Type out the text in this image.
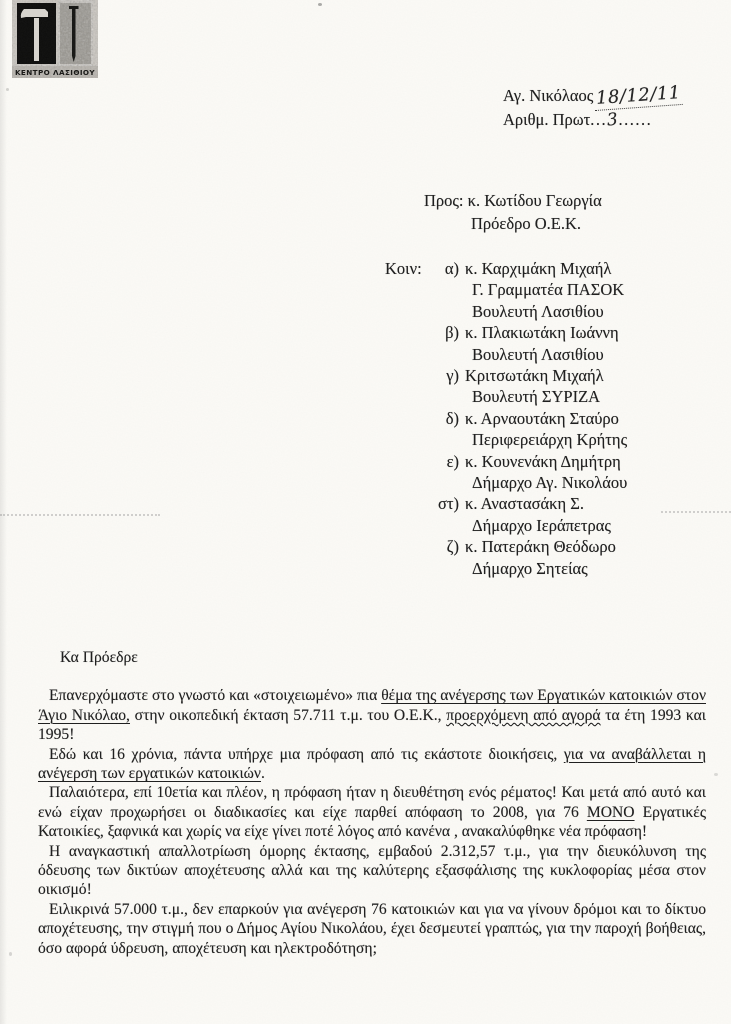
ΚΕΝΤΡΟ ΛΑΣΙΘΙΟΥ
Αγ. Νικόλαος 18/12/11
Αριθμ. Πρωτ...3......
Προς: κ. Κωτίδου Γεωργία
Πρόεδρο Ο.Ε.Κ.
Κοιν:	α) κ. Καρχιμάκη Μιχαήλ
Γ. Γραμματέα ΠΑΣΟΚ
Βουλευτή Λασιθίου
β) κ. Πλακιωτάκη Ιωάννη
Βουλευτή Λασιθίου
γ) Κριτσωτάκη Μιχαήλ
Βουλευτή ΣΥΡΙΖΑ
δ) κ. Αρναουτάκη Σταύρο
Περιφερειάρχη Κρήτης
ε) κ. Κουνενάκη Δημήτρη
Δήμαρχο Αγ. Νικολάου
στ) κ. Αναστασάκη Σ.
Δήμαρχο Ιεράπετρας
ζ) κ. Πατεράκη Θεόδωρο
Δήμαρχο Σητείας
Κα Πρόεδρε

Επανερχόμαστε στο γνωστό και «στοιχειωμένο» πια θέμα της ανέγερσης των Εργατικών κατοικιών στον Άγιο Νικόλαο, στην οικοπεδική έκταση 57.711 τ.μ. του Ο.Ε.Κ., προερχόμενη από αγορά τα έτη 1993 και 1995!

Εδώ και 16 χρόνια, πάντα υπήρχε μια πρόφαση από τις εκάστοτε διοικήσεις, για να αναβάλλεται η ανέγερση των εργατικών κατοικιών.

Παλαιότερα, επί 10ετία και πλέον, η πρόφαση ήταν η διευθέτηση ενός ρέματος! Και μετά από αυτό και ενώ είχαν προχωρήσει οι διαδικασίες και είχε παρθεί απόφαση το 2008, για 76 ΜΟΝΟ Εργατικές Κατοικίες, ξαφνικά και χωρίς να είχε γίνει ποτέ λόγος από κανένα , ανακαλύφθηκε νέα πρόφαση!

Η αναγκαστική απαλλοτρίωση όμορης έκτασης, εμβαδού 2.312,57 τ.μ., για την διευκόλυνση της όδευσης των δικτύων αποχέτευσης αλλά και της καλύτερης εξασφάλισης της κυκλοφορίας μέσα στον οικισμό!

Ειλικρινά 57.000 τ.μ., δεν επαρκούν για ανέγερση 76 κατοικιών και για να γίνουν δρόμοι και το δίκτυο αποχέτευσης, την στιγμή που ο Δήμος Αγίου Νικολάου, έχει δεσμευτεί γραπτώς, για την παροχή βοήθειας, όσο αφορά ύδρευση, αποχέτευση και ηλεκτροδότηση;
